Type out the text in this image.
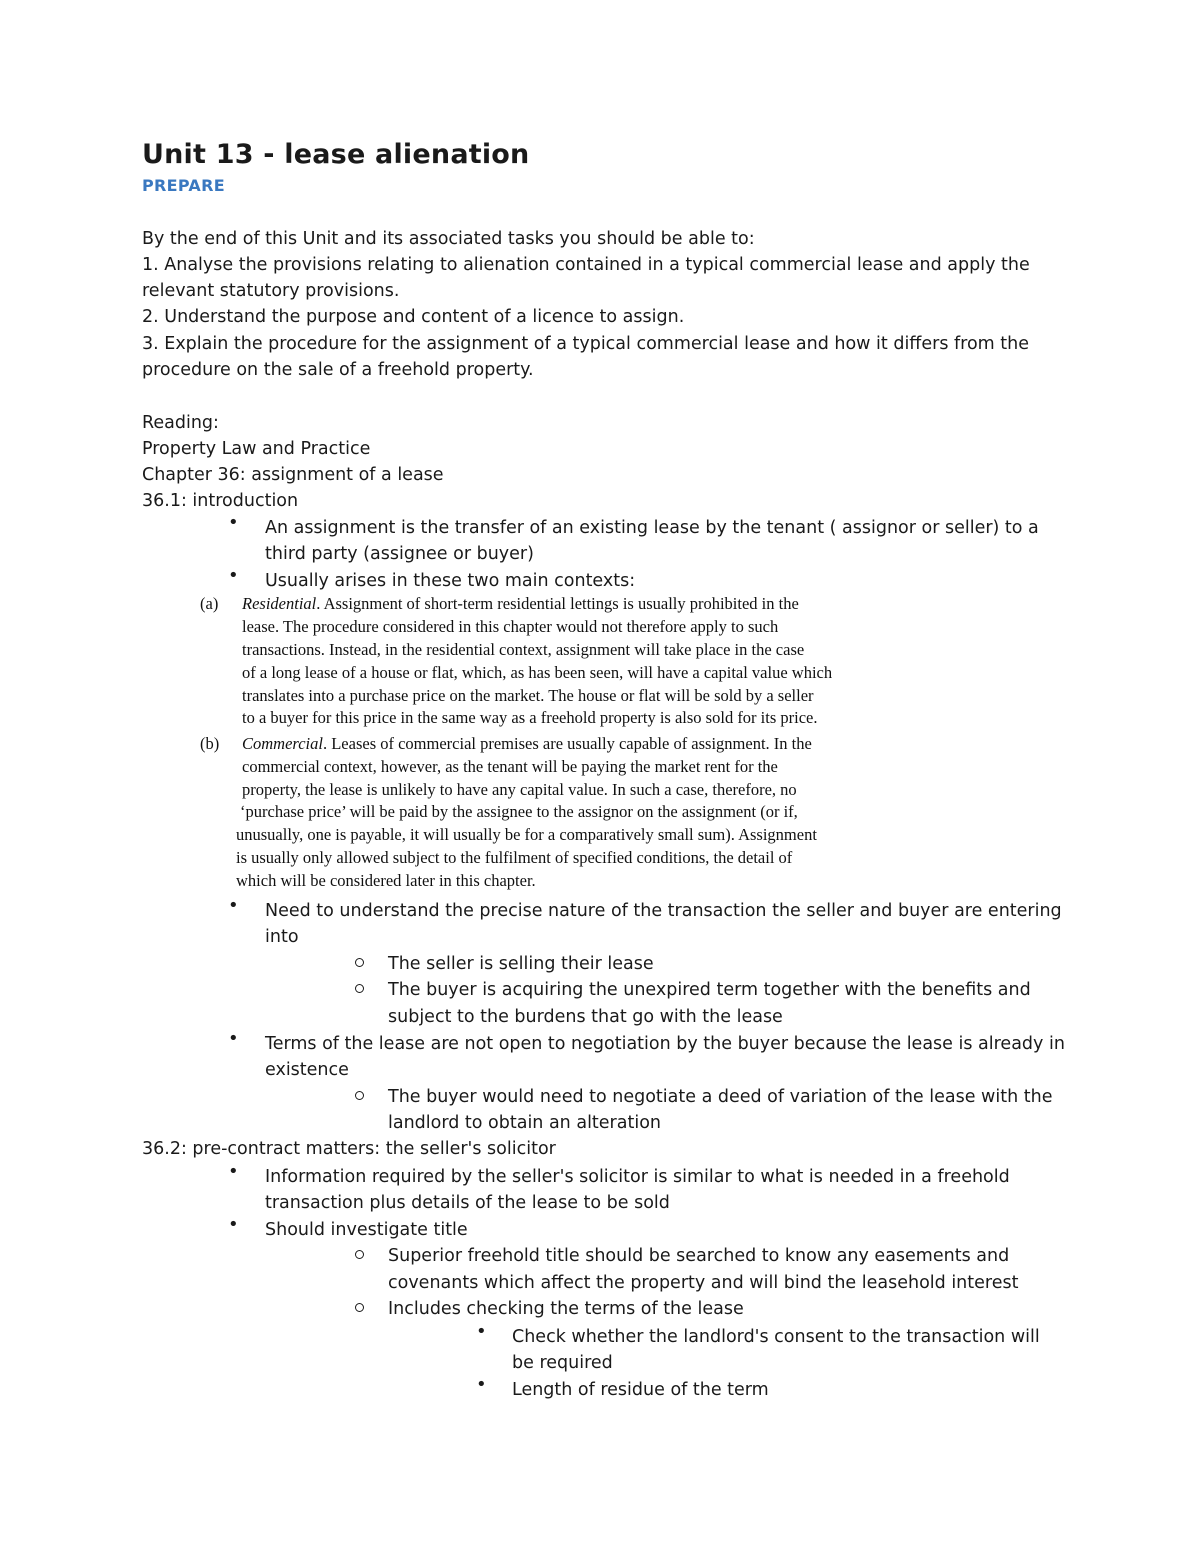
Unit 13 - lease alienation
PREPARE
By the end of this Unit and its associated tasks you should be able to:
1. Analyse the provisions relating to alienation contained in a typical commercial lease and apply the
relevant statutory provisions.
2. Understand the purpose and content of a licence to assign.
3. Explain the procedure for the assignment of a typical commercial lease and how it differs from the
procedure on the sale of a freehold property.
Reading:
Property Law and Practice
Chapter 36: assignment of a lease
36.1: introduction
• An assignment is the transfer of an existing lease by the tenant ( assignor or seller) to a
third party (assignee or buyer)
• Usually arises in these two main contexts:
(a) Residential. Assignment of short-term residential lettings is usually prohibited in the
lease. The procedure considered in this chapter would not therefore apply to such
transactions. Instead, in the residential context, assignment will take place in the case
of a long lease of a house or flat, which, as has been seen, will have a capital value which
translates into a purchase price on the market. The house or flat will be sold by a seller
to a buyer for this price in the same way as a freehold property is also sold for its price.
(b) Commercial. Leases of commercial premises are usually capable of assignment. In the
commercial context, however, as the tenant will be paying the market rent for the
property, the lease is unlikely to have any capital value. In such a case, therefore, no
‘purchase price’ will be paid by the assignee to the assignor on the assignment (or if,
unusually, one is payable, it will usually be for a comparatively small sum). Assignment
is usually only allowed subject to the fulfilment of specified conditions, the detail of
which will be considered later in this chapter.
• Need to understand the precise nature of the transaction the seller and buyer are entering
into
The seller is selling their lease
The buyer is acquiring the unexpired term together with the benefits and
subject to the burdens that go with the lease
• Terms of the lease are not open to negotiation by the buyer because the lease is already in
existence
The buyer would need to negotiate a deed of variation of the lease with the
landlord to obtain an alteration
36.2: pre-contract matters: the seller's solicitor
• Information required by the seller's solicitor is similar to what is needed in a freehold
transaction plus details of the lease to be sold
• Should investigate title
Superior freehold title should be searched to know any easements and
covenants which affect the property and will bind the leasehold interest
Includes checking the terms of the lease
• Check whether the landlord's consent to the transaction will
be required
• Length of residue of the term
